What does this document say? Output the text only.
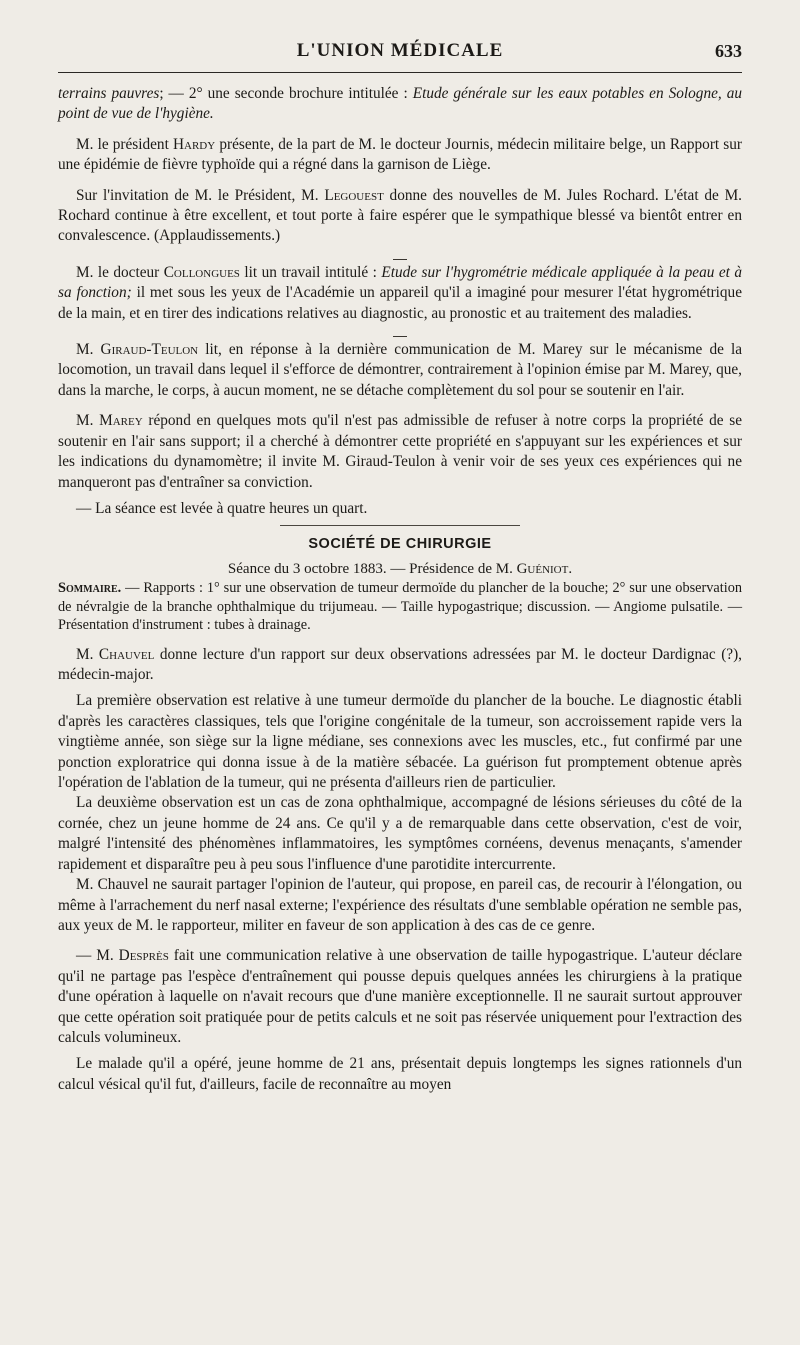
L'UNION MÉDICALE	633

terrains pauvres; — 2° une seconde brochure intitulée : Etude générale sur les eaux potables en Sologne, au point de vue de l'hygiène.

M. le président Hardy présente, de la part de M. le docteur Journis, médecin militaire belge, un Rapport sur une épidémie de fièvre typhoïde qui a régné dans la garnison de Liège.

Sur l'invitation de M. le Président, M. Legouest donne des nouvelles de M. Jules Rochard. L'état de M. Rochard continue à être excellent, et tout porte à faire espérer que le sympathique blessé va bientôt entrer en convalescence. (Applaudissements.)

M. le docteur Collongues lit un travail intitulé : Etude sur l'hygrométrie médicale appliquée à la peau et à sa fonction; il met sous les yeux de l'Académie un appareil qu'il a imaginé pour mesurer l'état hygrométrique de la main, et en tirer des indications relatives au diagnostic, au pronostic et au traitement des maladies.

M. Giraud-Teulon lit, en réponse à la dernière communication de M. Marey sur le mécanisme de la locomotion, un travail dans lequel il s'efforce de démontrer, contrairement à l'opinion émise par M. Marey, que, dans la marche, le corps, à aucun moment, ne se détache complètement du sol pour se soutenir en l'air.

M. Marey répond en quelques mots qu'il n'est pas admissible de refuser à notre corps la propriété de se soutenir en l'air sans support; il a cherché à démontrer cette propriété en s'appuyant sur les expériences et sur les indications du dynamomètre; il invite M. Giraud-Teulon à venir voir de ses yeux ces expériences qui ne manqueront pas d'entraîner sa conviction.

— La séance est levée à quatre heures un quart.

SOCIÉTÉ DE CHIRURGIE
Séance du 3 octobre 1883. — Présidence de M. Guéniot.

Sommaire. — Rapports : 1° sur une observation de tumeur dermoïde du plancher de la bouche; 2° sur une observation de névralgie de la branche ophthalmique du trijumeau. — Taille hypogastrique; discussion. — Angiome pulsatile. — Présentation d'instrument : tubes à drainage.

M. Chauvel donne lecture d'un rapport sur deux observations adressées par M. le docteur Dardignac (?), médecin-major.

La première observation est relative à une tumeur dermoïde du plancher de la bouche. Le diagnostic établi d'après les caractères classiques, tels que l'origine congénitale de la tumeur, son accroissement rapide vers la vingtième année, son siège sur la ligne médiane, ses connexions avec les muscles, etc., fut confirmé par une ponction exploratrice qui donna issue à de la matière sébacée. La guérison fut promptement obtenue après l'opération de l'ablation de la tumeur, qui ne présenta d'ailleurs rien de particulier.

La deuxième observation est un cas de zona ophthalmique, accompagné de lésions sérieuses du côté de la cornée, chez un jeune homme de 24 ans. Ce qu'il y a de remarquable dans cette observation, c'est de voir, malgré l'intensité des phénomènes inflammatoires, les symptômes cornéens, devenus menaçants, s'amender rapidement et disparaître peu à peu sous l'influence d'une parotidite intercurrente.

M. Chauvel ne saurait partager l'opinion de l'auteur, qui propose, en pareil cas, de recourir à l'élongation, ou même à l'arrachement du nerf nasal externe; l'expérience des résultats d'une semblable opération ne semble pas, aux yeux de M. le rapporteur, militer en faveur de son application à des cas de ce genre.

— M. Desprès fait une communication relative à une observation de taille hypogastrique. L'auteur déclare qu'il ne partage pas l'espèce d'entraînement qui pousse depuis quelques années les chirurgiens à la pratique d'une opération à laquelle on n'avait recours que d'une manière exceptionnelle. Il ne saurait surtout approuver que cette opération soit pratiquée pour de petits calculs et ne soit pas réservée uniquement pour l'extraction des calculs volumineux.

Le malade qu'il a opéré, jeune homme de 21 ans, présentait depuis longtemps les signes rationnels d'un calcul vésical qu'il fut, d'ailleurs, facile de reconnaître au moyen
